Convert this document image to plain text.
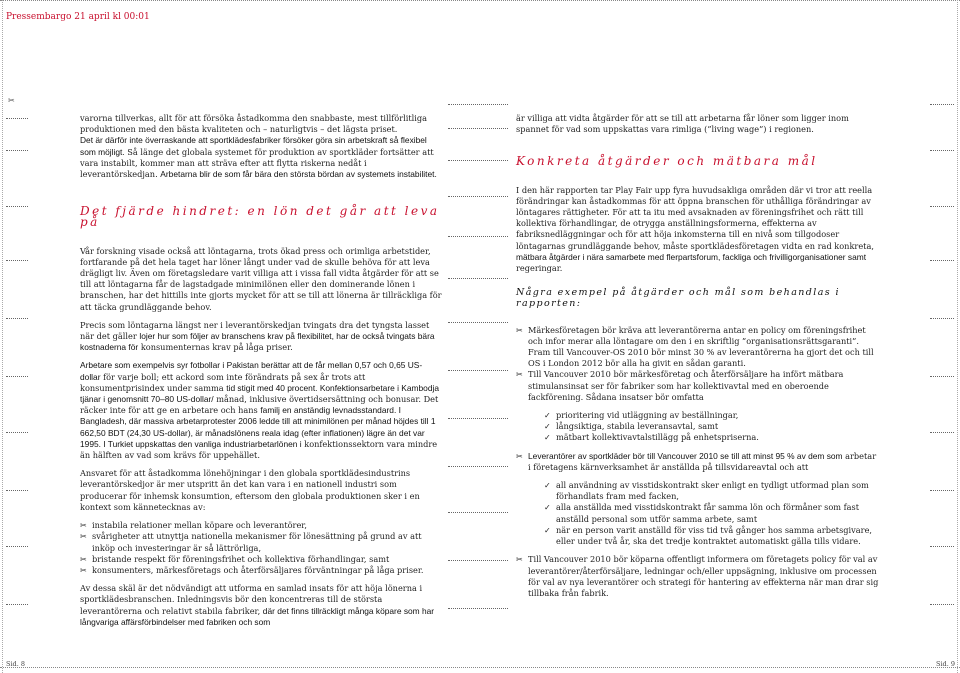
Pressembargo 21 april kl 00:01
✂

varorna tillverkas, allt för att försöka åstadkomma den snabbaste, mest tillförlitliga produktionen med den bästa kvaliteten och – naturligtvis – det lägsta priset.
Det är därför inte överraskande att sportklädesfabriker försöker göra sin arbetskraft så flexibel som möjligt. Så länge det globala systemet för produktion av sportkläder fortsätter att vara instabilt, kommer man att sträva efter att flytta riskerna nedåt i leverantörskedjan. Arbetarna blir de som får bära den största bördan av systemets instabilitet.

Det fjärde hindret: en lön det går att leva på

Vår forskning visade också att löntagarna, trots ökad press och orimliga arbetstider, fortfarande på det hela taget har löner långt under vad de skulle behöva för att leva drägligt liv. Även om företagsledare varit villiga att i vissa fall vidta åtgärder för att se till att löntagarna får de lagstadgade minimilönen eller den dominerande lönen i branschen, har det hittills inte gjorts mycket för att se till att lönerna är tillräckliga för att täcka grundläggande behov.

Precis som löntagarna längst ner i leverantörskedjan tvingats dra det tyngsta lasset när det gäller lojer hur som följer av branschens krav på flexibilitet, har de också tvingats bära kostnaderna för konsumenternas krav på låga priser.

Arbetare som exempelvis syr fotbollar i Pakistan berättar att de får mellan 0,57 och 0,65 US-dollar för varje boll; ett ackord som inte förändrats på sex år trots att konsumentprisindex under samma tid stigit med 40 procent. Konfektionsarbetare i Kambodja tjänar i genomsnitt 70–80 US-dollar/ månad, inklusive övertidsersättning och bonusar. Det räcker inte för att ge en arbetare och hans familj en anständig levnadsstandard. I Bangladesh, där massiva arbetarprotester 2006 ledde till att minimilönen per månad höjdes till 1 662,50 BDT (24,30 US-dollar), är månadslönens reala idag (efter inflationen) lägre än det var 1995. I Turkiet uppskattas den vanliga industriarbetarlönen i konfektionssektorn vara mindre än hälften av vad som krävs för uppehället.

Ansvaret för att åstadkomma lönehöjningar i den globala sportklädesindustrins leverantörskedjor är mer utspritt än det kan vara i en nationell industri som producerar för inhemsk konsumtion, eftersom den globala produktionen sker i en kontext som kännetecknas av:

✂ instabila relationer mellan köpare och leverantörer,
✂ svårigheter att utnyttja nationella mekanismer för lönesättning på grund av att inköp och investeringar är så lättrörliga,
✂ bristande respekt för föreningsfrihet och kollektiva förhandlingar, samt
✂ konsumenters, märkesföretags och återförsäljares förväntningar på låga priser.

Av dessa skäl är det nödvändigt att utforma en samlad insats för att höja lönerna i sportklädesbranschen. Inledningsvis bör den koncentreras till de största leverantörerna och relativt stabila fabriker, där det finns tillräckligt många köpare som har långvariga affärsförbindelser med fabriken och som

är villiga att vidta åtgärder för att se till att arbetarna får löner som ligger inom spannet för vad som uppskattas vara rimliga (”living wage”) i regionen.

Konkreta åtgärder och mätbara mål

I den här rapporten tar Play Fair upp fyra huvudsakliga områden där vi tror att reella förändringar kan åstadkommas för att öppna branschen för uthålliga förändringar av löntagares rättigheter. För att ta itu med avsaknaden av föreningsfrihet och rätt till kollektiva förhandlingar, de otrygga anställningsformerna, effekterna av fabriksnedläggningar och för att höja inkomsterna till en nivå som tillgodoser löntagarnas grundläggande behov, måste sportklädesföretagen vidta en rad konkreta, mätbara åtgärder i nära samarbete med flerpartsforum, fackliga och frivilligorganisationer samt regeringar.

Några exempel på åtgärder och mål som behandlas i rapporten:

✂ Märkesföretagen bör kräva att leverantörerna antar en policy om föreningsfrihet och infor merar alla löntagare om den i en skriftlig ”organisationsrättsgaranti”. Fram till Vancouver-OS 2010 bör minst 30 % av leverantörerna ha gjort det och till OS i London 2012 bör alla ha givit en sådan garanti.
✂ Till Vancouver 2010 bör märkesföretag och återförsäljare ha infört mätbara stimulansinsat ser för fabriker som har kollektivavtal med en oberoende fackförening. Sådana insatser bör omfatta
✓ prioritering vid utläggning av beställningar,
✓ långsiktiga, stabila leveransavtal, samt
✓ mätbart kollektivavtalstillägg på enhetspriserna.
✂ Leverantörer av sportkläder bör till Vancouver 2010 se till att minst 95 % av dem som arbetar i företagens kärnverksamhet är anställda på tillsvidareavtal och att
✓ all användning av visstidskontrakt sker enligt en tydligt utformad plan som förhandlats fram med facken,
✓ alla anställda med visstidskontrakt får samma lön och förmåner som fast anställd personal som utför samma arbete, samt
✓ när en person varit anställd för viss tid två gånger hos samma arbetsgivare, eller under två år, ska det tredje kontraktet automatiskt gälla tills vidare.
✂ Till Vancouver 2010 bör köparna offentligt informera om företagets policy för val av leverantörer/återförsäljare, ledningar och/eller uppsägning, inklusive om processen för val av nya leverantörer och strategi för hantering av effekterna när man drar sig tillbaka från fabrik.
Sid. 8	Sid. 9
